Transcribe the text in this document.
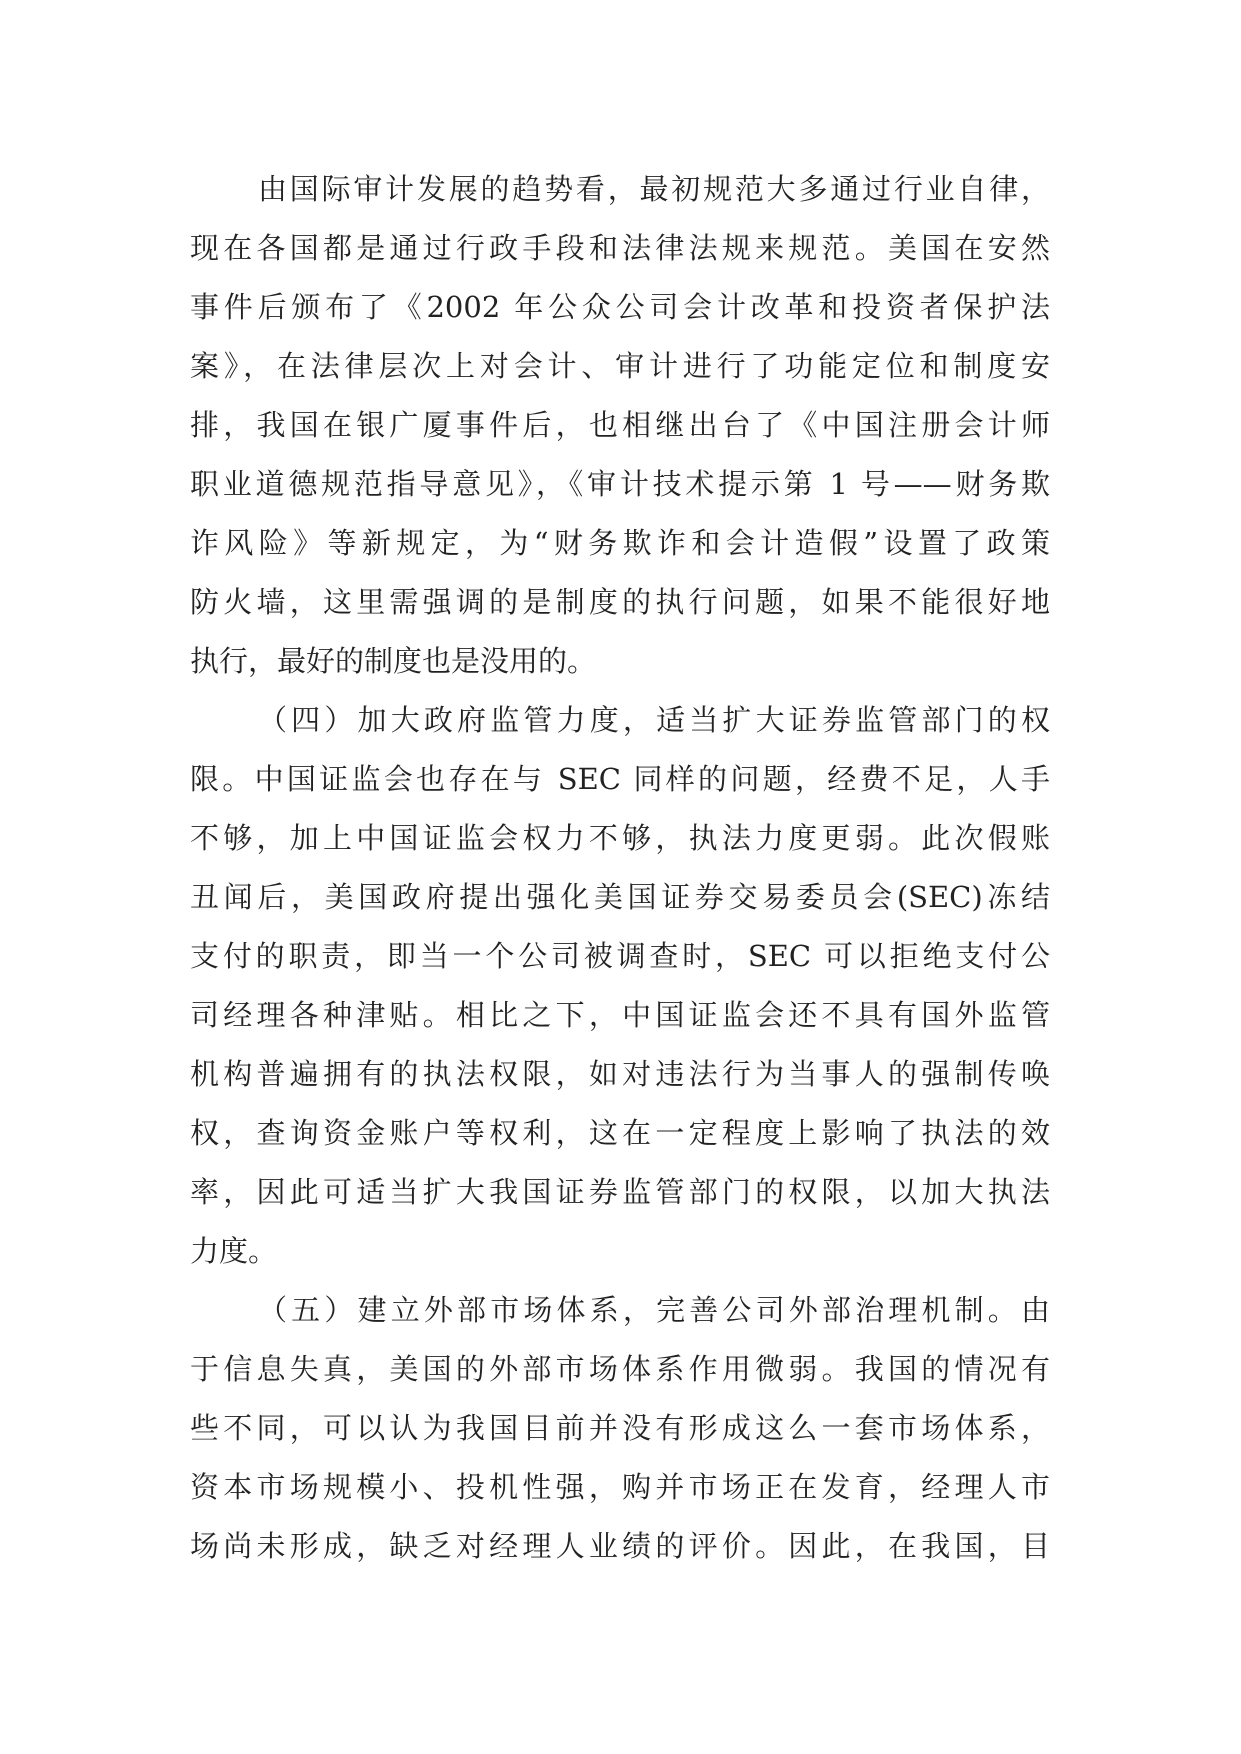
由国际审计发展的趋势看，最初规范大多通过行业自律，
现在各国都是通过行政手段和法律法规来规范。美国在安然
事件后颁布了《2002 年公众公司会计改革和投资者保护法
案》，在法律层次上对会计、审计进行了功能定位和制度安
排，我国在银广厦事件后，也相继出台了《中国注册会计师
职业道德规范指导意见》，《审计技术提示第 1 号——财务欺
诈风险》等新规定，为“财务欺诈和会计造假”设置了政策
防火墙，这里需强调的是制度的执行问题，如果不能很好地
执行，最好的制度也是没用的。
（四）加大政府监管力度，适当扩大证券监管部门的权
限。中国证监会也存在与 SEC 同样的问题，经费不足，人手
不够，加上中国证监会权力不够，执法力度更弱。此次假账
丑闻后，美国政府提出强化美国证券交易委员会(SEC)冻结
支付的职责，即当一个公司被调查时，SEC 可以拒绝支付公
司经理各种津贴。相比之下，中国证监会还不具有国外监管
机构普遍拥有的执法权限，如对违法行为当事人的强制传唤
权，查询资金账户等权利，这在一定程度上影响了执法的效
率，因此可适当扩大我国证券监管部门的权限，以加大执法
力度。
（五）建立外部市场体系，完善公司外部治理机制。由
于信息失真，美国的外部市场体系作用微弱。我国的情况有
些不同，可以认为我国目前并没有形成这么一套市场体系，
资本市场规模小、投机性强，购并市场正在发育，经理人市
场尚未形成，缺乏对经理人业绩的评价。因此，在我国，目
